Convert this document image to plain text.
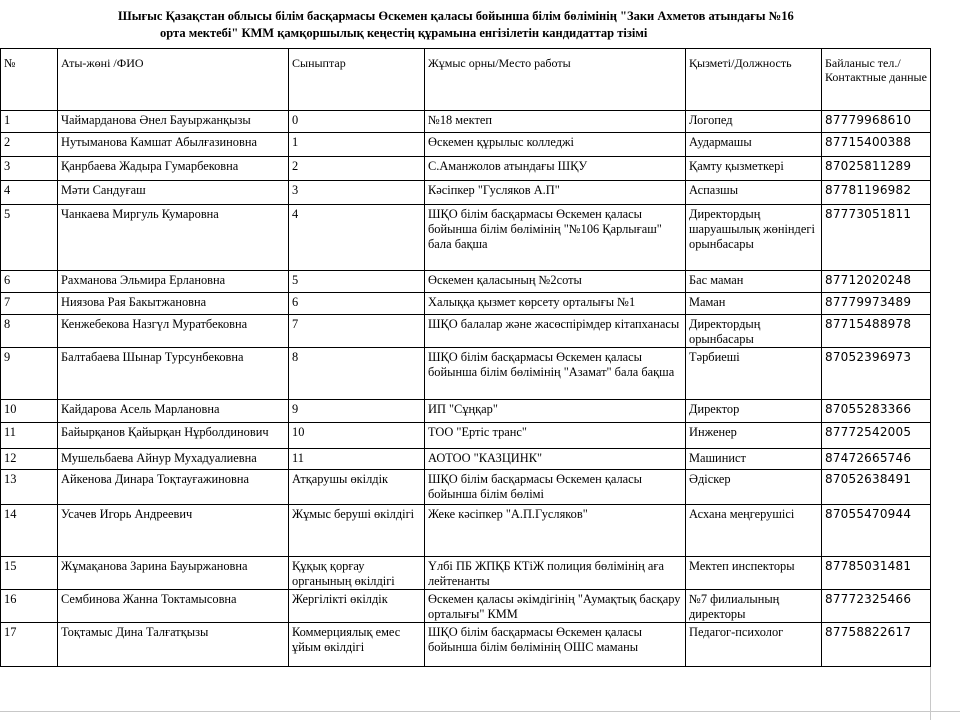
Шығыс Қазақстан облысы білім басқармасы Өскемен қаласы бойынша білім бөлімінің "Заки Ахметов атындағы №16
орта мектебі" КММ қамқоршылық кеңестің құрамына енгізілетін кандидаттар тізімі
№	Аты-жөні /ФИО	Сыныптар	Жұмыс орны/Место работы	Қызметі/Должность	Байланыс тел./Контактные данные
1	Чаймарданова Әнел Бауыржанқызы	0	№18 мектеп	Логопед	87779968610
2	Нутыманова Камшат Абылғазиновна	1	Өскемен құрылыс колледжі	Аудармашы	87715400388
3	Қанрбаева Жадыра Гумарбековна	2	С.Аманжолов атындағы ШҚУ	Қамту қызметкері	87025811289
4	Мәти Сандуғаш	3	Кәсіпкер "Гусляков А.П"	Аспазшы	87781196982
5	Чанкаева Миргуль Кумаровна	4	ШҚО білім басқармасы Өскемен қаласы бойынша білім бөлімінің "№106 Қарлығаш" бала бақша	Директордың шаруашылық жөніндегі орынбасары	87773051811
6	Рахманова Эльмира Ерлановна	5	Өскемен қаласының №2соты	Бас маман	87712020248
7	Ниязова Рая Бакытжановна	6	Халыққа қызмет көрсету орталығы №1	Маман	87779973489
8	Кенжебекова Назгүл Муратбековна	7	ШҚО балалар және жасөспірімдер кітапханасы	Директордың орынбасары	87715488978
9	Балтабаева Шынар Турсунбековна	8	ШҚО білім басқармасы Өскемен қаласы бойынша білім бөлімінің "Азамат" бала бақша	Тәрбиеші	87052396973
10	Кайдарова Асель Марлановна	9	ИП "Сұңқар"	Директор	87055283366
11	Байырқанов Қайырқан Нұрболдинович	10	ТОО "Ертіс транс"	Инженер	87772542005
12	Мушельбаева Айнур Мухадуалиевна	11	АОТОО "КАЗЦИНК"	Машинист	87472665746
13	Айкенова Динара Тоқтауғажиновна	Атқарушы өкілдік	ШҚО білім басқармасы Өскемен қаласы бойынша білім бөлімі	Әдіскер	87052638491
14	Усачев Игорь Андреевич	Жұмыс беруші өкілдігі	Жеке кәсіпкер "А.П.Гусляков"	Асхана меңгерушісі	87055470944
15	Жұмақанова Зарина Бауыржановна	Құқық қорғау органының өкілдігі	Үлбі ПБ ЖПҚБ КТіЖ полиция бөлімінің аға лейтенанты	Мектеп инспекторы	87785031481
16	Сембинова Жанна Токтамысовна	Жергілікті өкілдік	Өскемен қаласы әкімдігінің "Аумақтық басқару орталығы" КММ	№7 филиалының директоры	87772325466
17	Тоқтамыс Дина Талғатқызы	Коммерциялық емес ұйым өкілдігі	ШҚО білім басқармасы Өскемен қаласы бойынша білім бөлімінің ОШС маманы	Педагог-психолог	87758822617
